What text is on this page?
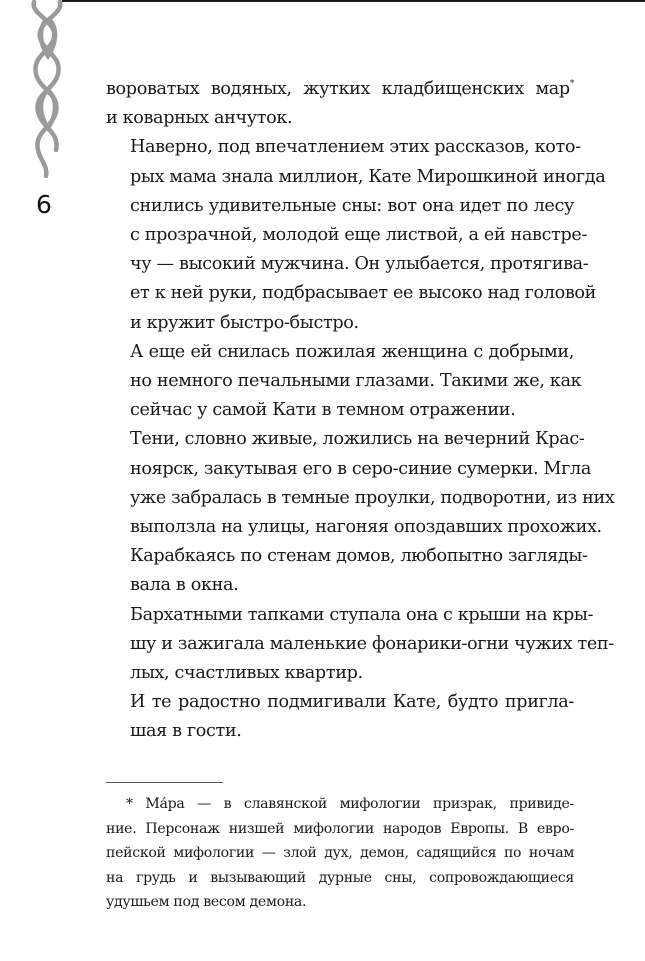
6

вороватых водяных, жутких кладбищенских мар*
и коварных анчуток.

Наверно, под впечатлением этих рассказов, кото-
рых мама знала миллион, Кате Мирошкиной иногда
снились удивительные сны: вот она идет по лесу
с прозрачной, молодой еще листвой, а ей навстре-
чу — высокий мужчина. Он улыбается, протягива-
ет к ней руки, подбрасывает ее высоко над головой
и кружит быстро-быстро.

А еще ей снилась пожилая женщина с добрыми,
но немного печальными глазами. Такими же, как
сейчас у самой Кати в темном отражении.

Тени, словно живые, ложились на вечерний Крас-
ноярск, закутывая его в серо-синие сумерки. Мгла
уже забралась в темные проулки, подворотни, из них
выползла на улицы, нагоняя опоздавших прохожих.
Карабкаясь по стенам домов, любопытно загляды-
вала в окна.

Бархатными тапками ступала она с крыши на кры-
шу и зажигала маленькие фонарики-огни чужих теп-
лых, счастливых квартир.

И те радостно подмигивали Кате, будто пригла-
шая в гости.

* Ма́ра — в славянской мифологии призрак, привиде-
ние. Персонаж низшей мифологии народов Европы. В евро-
пейской мифологии — злой дух, демон, садящийся по ночам
на грудь и вызывающий дурные сны, сопровождающиеся
удушьем под весом демона.
